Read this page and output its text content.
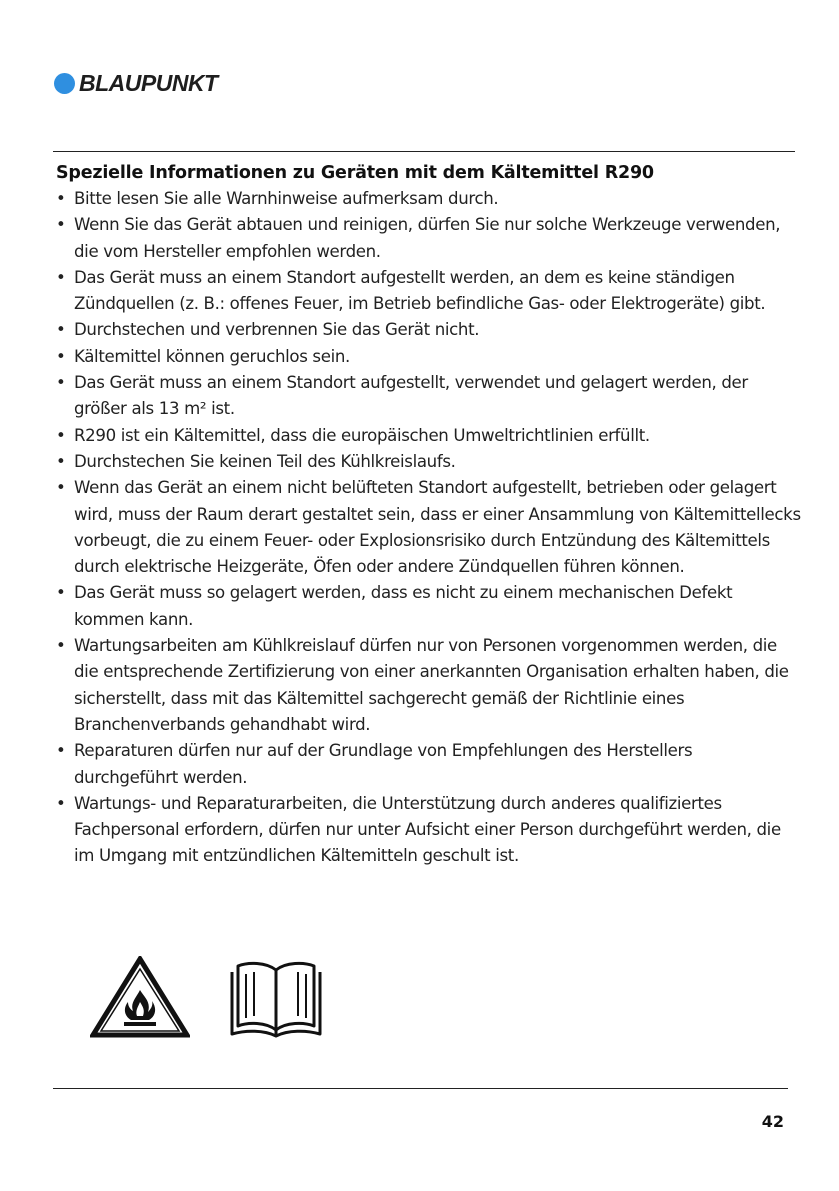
BLAUPUNKT
Spezielle Informationen zu Geräten mit dem Kältemittel R290
• Bitte lesen Sie alle Warnhinweise aufmerksam durch.
• Wenn Sie das Gerät abtauen und reinigen, dürfen Sie nur solche Werkzeuge verwenden, die vom Hersteller empfohlen werden.
• Das Gerät muss an einem Standort aufgestellt werden, an dem es keine ständigen Zündquellen (z. B.: offenes Feuer, im Betrieb befindliche Gas- oder Elektrogeräte) gibt.
• Durchstechen und verbrennen Sie das Gerät nicht.
• Kältemittel können geruchlos sein.
• Das Gerät muss an einem Standort aufgestellt, verwendet und gelagert werden, der größer als 13 m² ist.
• R290 ist ein Kältemittel, dass die europäischen Umweltrichtlinien erfüllt.
• Durchstechen Sie keinen Teil des Kühlkreislaufs.
• Wenn das Gerät an einem nicht belüfteten Standort aufgestellt, betrieben oder gelagert wird, muss der Raum derart gestaltet sein, dass er einer Ansammlung von Kältemittellecks vorbeugt, die zu einem Feuer- oder Explosionsrisiko durch Entzündung des Kältemittels durch elektrische Heizgeräte, Öfen oder andere Zündquellen führen können.
• Das Gerät muss so gelagert werden, dass es nicht zu einem mechanischen Defekt kommen kann.
• Wartungsarbeiten am Kühlkreislauf dürfen nur von Personen vorgenommen werden, die die entsprechende Zertifizierung von einer anerkannten Organisation erhalten haben, die sicherstellt, dass mit das Kältemittel sachgerecht gemäß der Richtlinie eines Branchenverbands gehandhabt wird.
• Reparaturen dürfen nur auf der Grundlage von Empfehlungen des Herstellers durchgeführt werden.
• Wartungs- und Reparaturarbeiten, die Unterstützung durch anderes qualifiziertes Fachpersonal erfordern, dürfen nur unter Aufsicht einer Person durchgeführt werden, die im Umgang mit entzündlichen Kältemitteln geschult ist.
42
